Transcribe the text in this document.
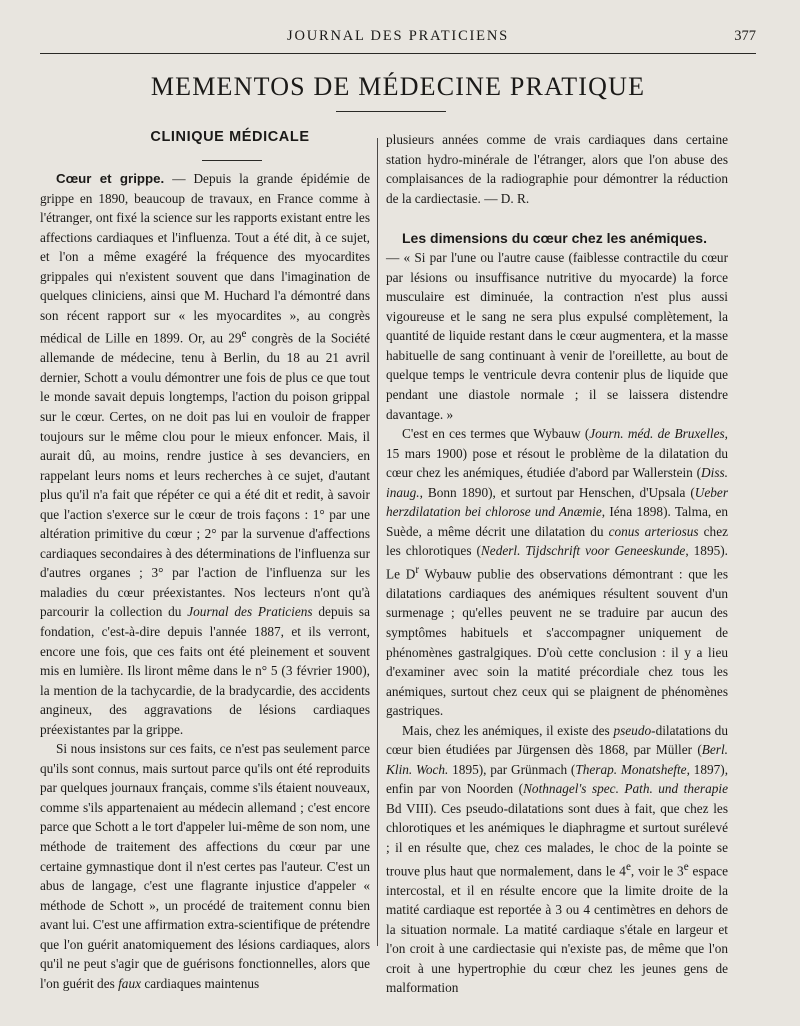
JOURNAL DES PRATICIENS	377
MEMENTOS DE MÉDECINE PRATIQUE
CLINIQUE MÉDICALE

Cœur et grippe. — Depuis la grande épidémie de grippe en 1890, beaucoup de travaux, en France comme à l'étranger, ont fixé la science sur les rapports existant entre les affections cardiaques et l'influenza. Tout a été dit, à ce sujet, et l'on a même exagéré la fréquence des myocardites grippales qui n'existent souvent que dans l'imagination de quelques cliniciens, ainsi que M. Huchard l'a démontré dans son récent rapport sur « les myocardites », au congrès médical de Lille en 1899. Or, au 29e congrès de la Société allemande de médecine, tenu à Berlin, du 18 au 21 avril dernier, Schott a voulu démontrer une fois de plus ce que tout le monde savait depuis longtemps, l'action du poison grippal sur le cœur. Certes, on ne doit pas lui en vouloir de frapper toujours sur le même clou pour le mieux enfoncer. Mais, il aurait dû, au moins, rendre justice à ses devanciers, en rappelant leurs noms et leurs recherches à ce sujet, d'autant plus qu'il n'a fait que répéter ce qui a été dit et redit, à savoir que l'action s'exerce sur le cœur de trois façons : 1° par une altération primitive du cœur ; 2° par la survenue d'affections cardiaques secondaires à des déterminations de l'influenza sur d'autres organes ; 3° par l'action de l'influenza sur les maladies du cœur préexistantes. Nos lecteurs n'ont qu'à parcourir la collection du Journal des Praticiens depuis sa fondation, c'est-à-dire depuis l'année 1887, et ils verront, encore une fois, que ces faits ont été pleinement et souvent mis en lumière. Ils liront même dans le n° 5 (3 février 1900), la mention de la tachycardie, de la bradycardie, des accidents angineux, des aggravations de lésions cardiaques préexistantes par la grippe.

Si nous insistons sur ces faits, ce n'est pas seulement parce qu'ils sont connus, mais surtout parce qu'ils ont été reproduits par quelques journaux français, comme s'ils étaient nouveaux, comme s'ils appartenaient au médecin allemand ; c'est encore parce que Schott a le tort d'appeler lui-même de son nom, une méthode de traitement des affections du cœur par une certaine gymnastique dont il n'est certes pas l'auteur. C'est un abus de langage, c'est une flagrante injustice d'appeler « méthode de Schott », un procédé de traitement connu bien avant lui. C'est une affirmation extra-scientifique de prétendre que l'on guérit anatomiquement des lésions cardiaques, alors qu'il ne peut s'agir que de guérisons fonctionnelles, alors que l'on guérit des faux cardiaques maintenus

plusieurs années comme de vrais cardiaques dans certaine station hydro-minérale de l'étranger, alors que l'on abuse des complaisances de la radiographie pour démontrer la réduction de la cardiectasie. — D. R.

Les dimensions du cœur chez les anémiques.

— « Si par l'une ou l'autre cause (faiblesse contractile du cœur par lésions ou insuffisance nutritive du myocarde) la force musculaire est diminuée, la contraction n'est plus aussi vigoureuse et le sang ne sera plus expulsé complètement, la quantité de liquide restant dans le cœur augmentera, et la masse habituelle de sang continuant à venir de l'oreillette, au bout de quelque temps le ventricule devra contenir plus de liquide que pendant une diastole normale ; il se laissera distendre davantage. »

C'est en ces termes que Wybauw (Journ. méd. de Bruxelles, 15 mars 1900) pose et résout le problème de la dilatation du cœur chez les anémiques, étudiée d'abord par Wallerstein (Diss. inaug., Bonn 1890), et surtout par Henschen, d'Upsala (Ueber herzdilatation bei chlorose und Anæmie, Iéna 1898). Talma, en Suède, a même décrit une dilatation du conus arteriosus chez les chlorotiques (Nederl. Tijdschrift voor Geneeskunde, 1895). Le $D^r$ Wybauw publie des observations démontrant : que les dilatations cardiaques des anémiques résultent souvent d'un surmenage ; qu'elles peuvent ne se traduire par aucun des symptômes habituels et s'accompagner uniquement de phénomènes gastralgiques. D'où cette conclusion : il y a lieu d'examiner avec soin la matité précordiale chez tous les anémiques, surtout chez ceux qui se plaignent de phénomènes gastriques.

Mais, chez les anémiques, il existe des pseudo-dilatations du cœur bien étudiées par Jürgensen dès 1868, par Müller (Berl. Klin. Woch. 1895), par Grünmach (Therap. Monatshefte, 1897), enfin par von Noorden (Nothnagel's spec. Path. und therapie Bd VIII). Ces pseudo-dilatations sont dues à fait, que chez les chlorotiques et les anémiques le diaphragme et surtout surélevé ; il en résulte que, chez ces malades, le choc de la pointe se trouve plus haut que normalement, dans le 4e, voir le 3e espace intercostal, et il en résulte encore que la limite droite de la matité cardiaque est reportée à 3 ou 4 centimètres en dehors de la situation normale. La matité cardiaque s'étale en largeur et l'on croit à une cardiectasie qui n'existe pas, de même que l'on croit à une hypertrophie du cœur chez les jeunes gens de malformation
